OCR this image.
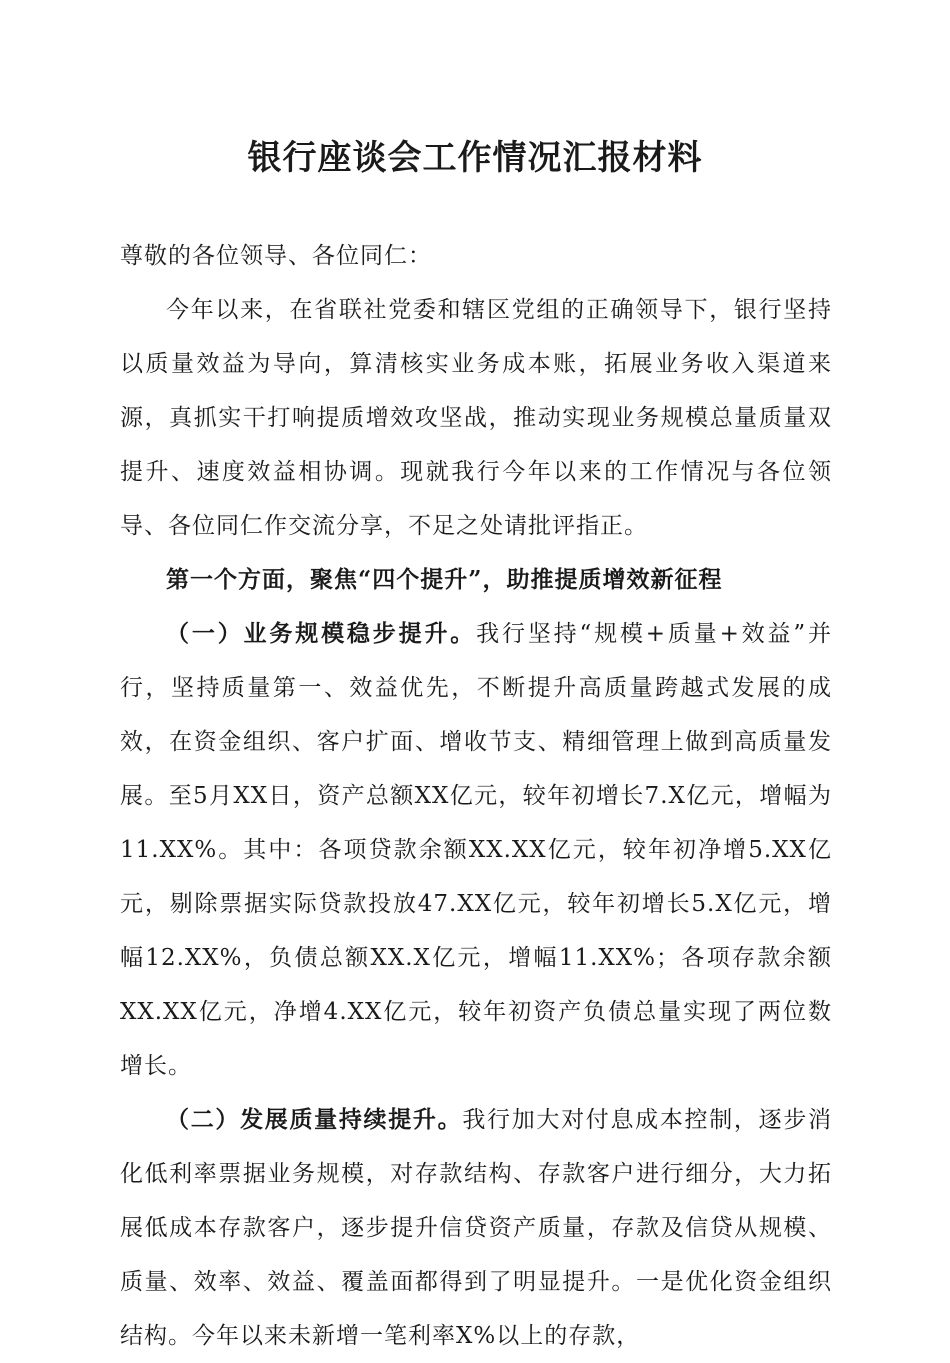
银行座谈会工作情况汇报材料

尊敬的各位领导、各位同仁：

今年以来，在省联社党委和辖区党组的正确领导下，银行坚持以质量效益为导向，算清核实业务成本账，拓展业务收入渠道来源，真抓实干打响提质增效攻坚战，推动实现业务规模总量质量双提升、速度效益相协调。现就我行今年以来的工作情况与各位领导、各位同仁作交流分享，不足之处请批评指正。

第一个方面，聚焦“四个提升”，助推提质增效新征程

（一）业务规模稳步提升。我行坚持“规模+质量+效益”并行，坚持质量第一、效益优先，不断提升高质量跨越式发展的成效，在资金组织、客户扩面、增收节支、精细管理上做到高质量发展。至5月XX日，资产总额XX亿元，较年初增长7.X亿元，增幅为11.XX%。其中：各项贷款余额XX.XX亿元，较年初净增5.XX亿元，剔除票据实际贷款投放47.XX亿元，较年初增长5.X亿元，增幅12.XX%，负债总额XX.X亿元，增幅11.XX%；各项存款余额XX.XX亿元，净增4.XX亿元，较年初资产负债总量实现了两位数增长。

（二）发展质量持续提升。我行加大对付息成本控制，逐步消化低利率票据业务规模，对存款结构、存款客户进行细分，大力拓展低成本存款客户，逐步提升信贷资产质量，存款及信贷从规模、质量、效率、效益、覆盖面都得到了明显提升。一是优化资金组织结构。今年以来未新增一笔利率X%以上的存款，
